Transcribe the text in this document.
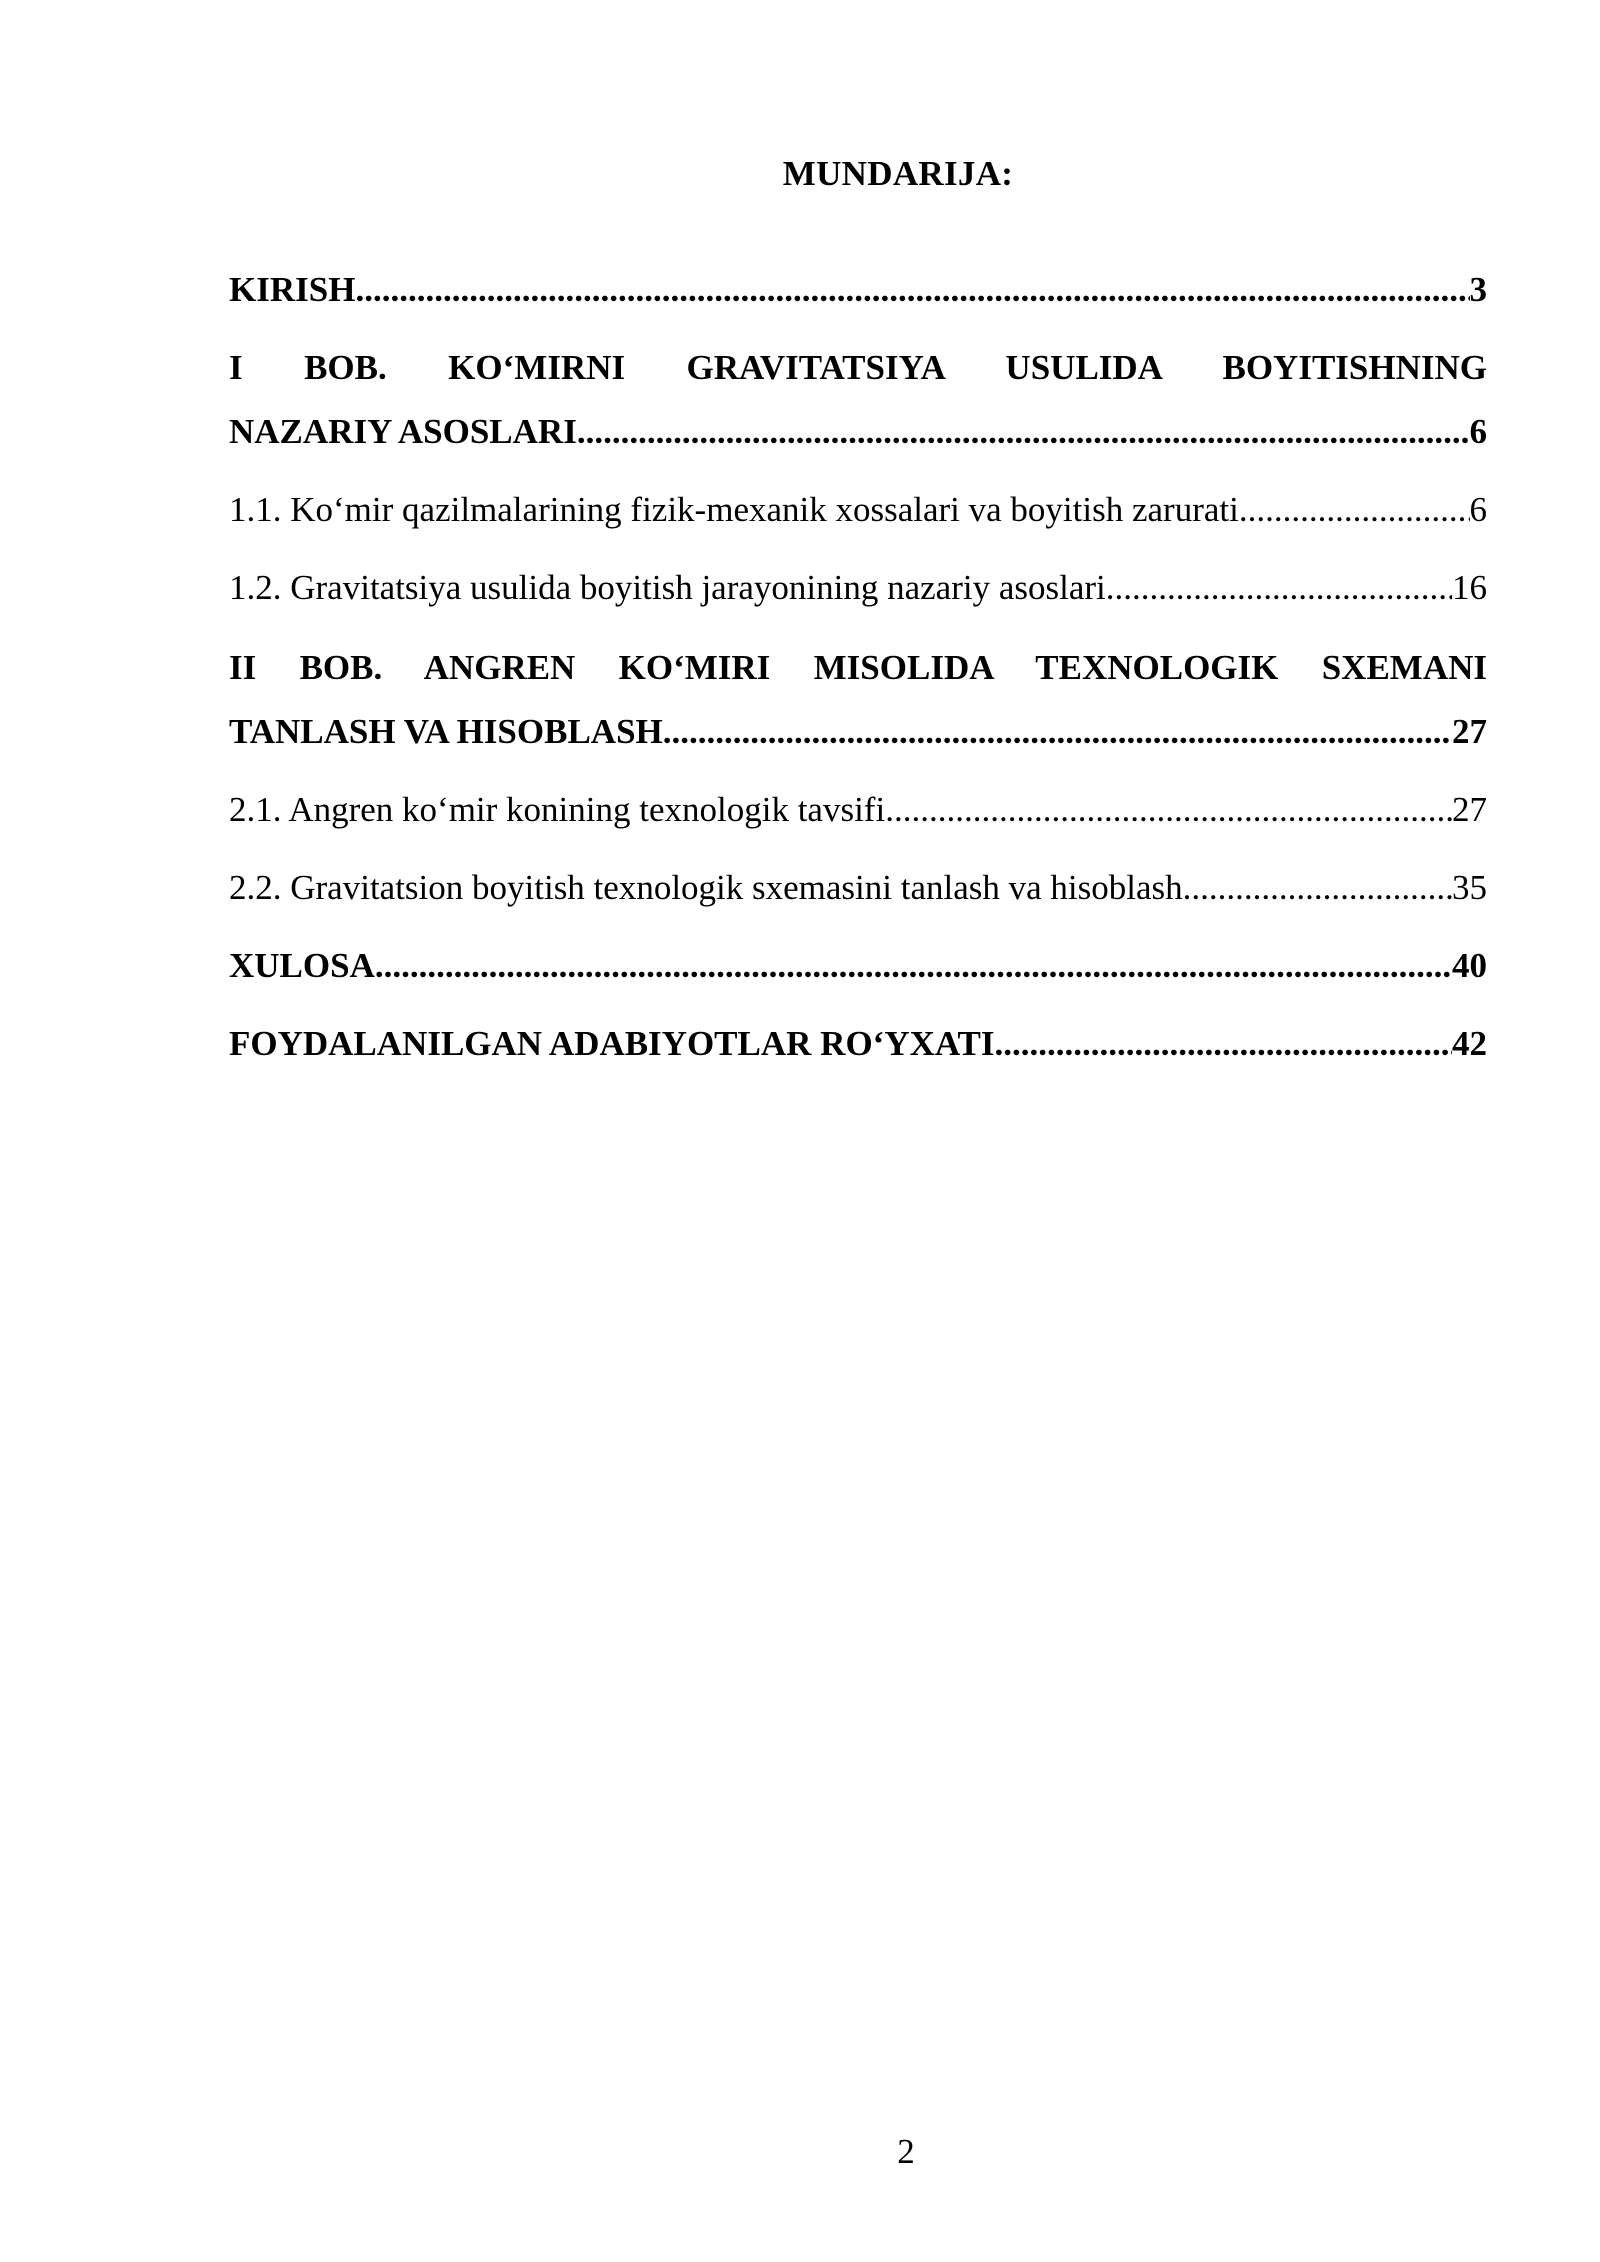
MUNDARIJA:
KIRISH .....	3
I BOB. KO‘MIRNI GRAVITATSIYA USULIDA BOYITISHNING
NAZARIY ASOSLARI .....	6
1.1. Ko‘mir qazilmalarining fizik-mexanik xossalari va boyitish zarurati .....	6
1.2. Gravitatsiya usulida boyitish jarayonining nazariy asoslari .....	16
II BOB. ANGREN KO‘MIRI MISOLIDA TEXNOLOGIK SXEMANI
TANLASH VA HISOBLASH .....	27
2.1. Angren ko‘mir konining texnologik tavsifi .....	27
2.2. Gravitatsion boyitish texnologik sxemasini tanlash va hisoblash .....	35
XULOSA .....	40
FOYDALANILGAN ADABIYOTLAR RO‘YXATI .....	42
2
